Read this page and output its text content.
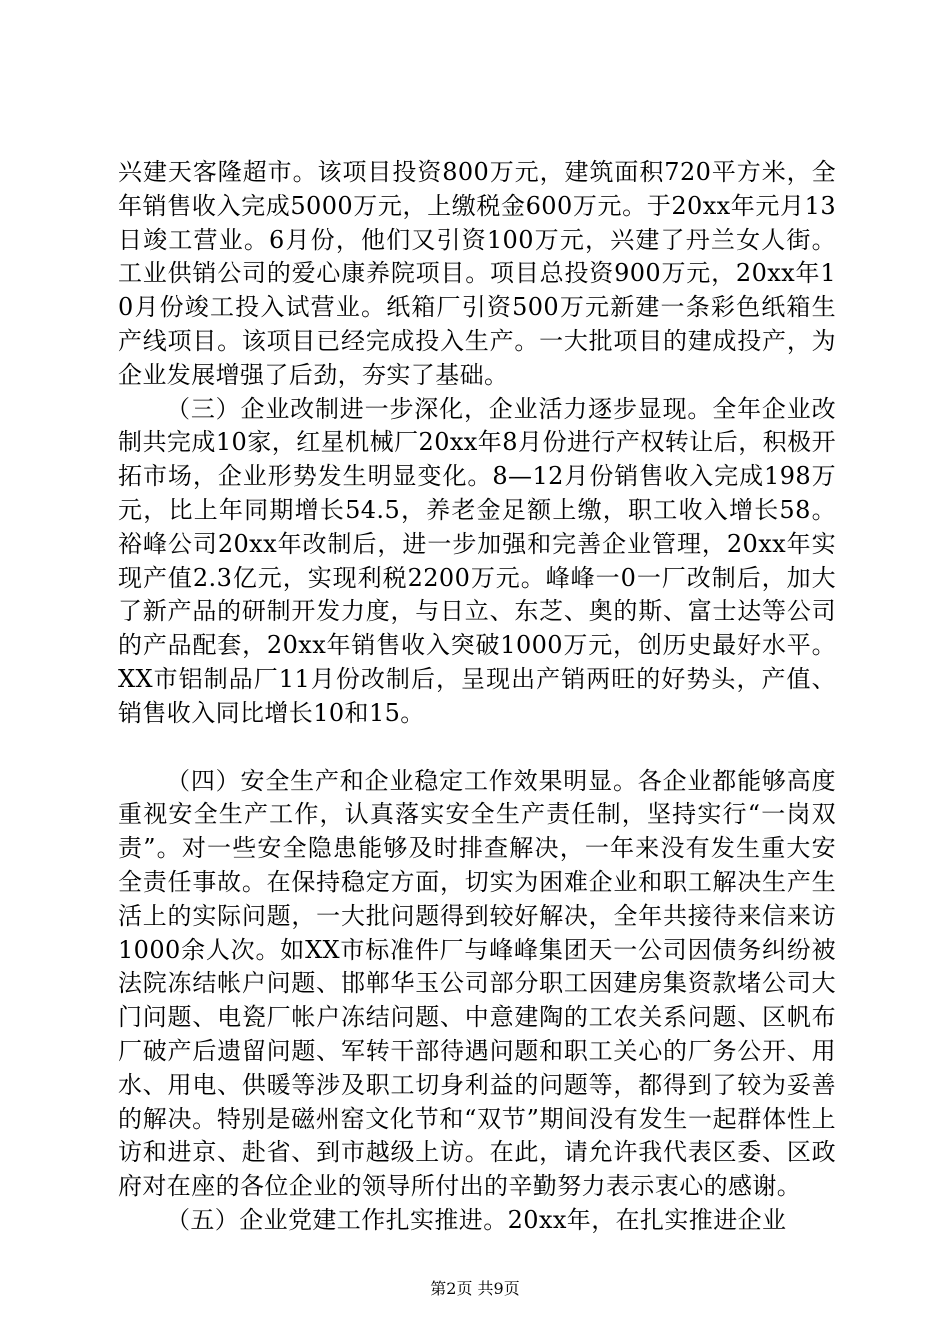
兴建天客隆超市。该项目投资800万元，建筑面积720平方米，全年销售收入完成5000万元，上缴税金600万元。于20xx年元月13日竣工营业。6月份，他们又引资100万元，兴建了丹兰女人街。工业供销公司的爱心康养院项目。项目总投资900万元，20xx年10月份竣工投入试营业。纸箱厂引资500万元新建一条彩色纸箱生产线项目。该项目已经完成投入生产。一大批项目的建成投产，为企业发展增强了后劲，夯实了基础。

（三）企业改制进一步深化，企业活力逐步显现。全年企业改制共完成10家，红星机械厂20xx年8月份进行产权转让后，积极开拓市场，企业形势发生明显变化。8—12月份销售收入完成198万元，比上年同期增长54.5，养老金足额上缴，职工收入增长58。裕峰公司20xx年改制后，进一步加强和完善企业管理，20xx年实现产值2.3亿元，实现利税2200万元。峰峰一0一厂改制后，加大了新产品的研制开发力度，与日立、东芝、奥的斯、富士达等公司的产品配套，20xx年销售收入突破1000万元，创历史最好水平。XX市铝制品厂11月份改制后，呈现出产销两旺的好势头，产值、销售收入同比增长10和15。

（四）安全生产和企业稳定工作效果明显。各企业都能够高度重视安全生产工作，认真落实安全生产责任制，坚持实行“一岗双责”。对一些安全隐患能够及时排查解决，一年来没有发生重大安全责任事故。在保持稳定方面，切实为困难企业和职工解决生产生活上的实际问题，一大批问题得到较好解决，全年共接待来信来访1000余人次。如XX市标准件厂与峰峰集团天一公司因债务纠纷被法院冻结帐户问题、邯郸华玉公司部分职工因建房集资款堵公司大门问题、电瓷厂帐户冻结问题、中意建陶的工农关系问题、区帆布厂破产后遗留问题、军转干部待遇问题和职工关心的厂务公开、用水、用电、供暖等涉及职工切身利益的问题等，都得到了较为妥善的解决。特别是磁州窑文化节和“双节”期间没有发生一起群体性上访和进京、赴省、到市越级上访。在此，请允许我代表区委、区政府对在座的各位企业的领导所付出的辛勤努力表示衷心的感谢。

（五）企业党建工作扎实推进。20xx年，在扎实推进企业

第2页 共9页
